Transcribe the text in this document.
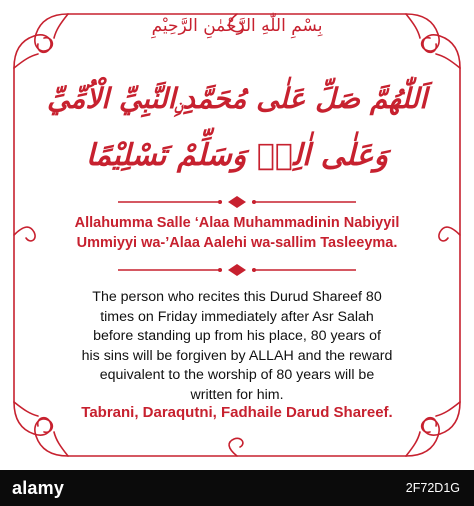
بِسْمِ اللّٰهِ الرَّحْمٰنِ الرَّحِيْمِ
اَللّٰهُمَّ صَلِّ عَلٰى مُحَمَّدِ ࣙالنَّبِيِّ الْاُمِّيِّ
وَعَلٰى اٰلِهٖ وَسَلِّمْ تَسْلِيْمًا
Allahumma Salle ‘Alaa Muhammadinin Nabiyyil
Ummiyyi wa-’Alaa Aalehi wa-sallim Tasleeyma.
The person who recites this Durud Shareef 80
times on Friday immediately after Asr Salah
before standing up from his place, 80 years of
his sins will be forgiven by ALLAH and the reward
equivalent to the worship of 80 years will be
written for him.
Tabrani, Daraqutni, Fadhaile Darud Shareef.
alamy	2F72D1G
